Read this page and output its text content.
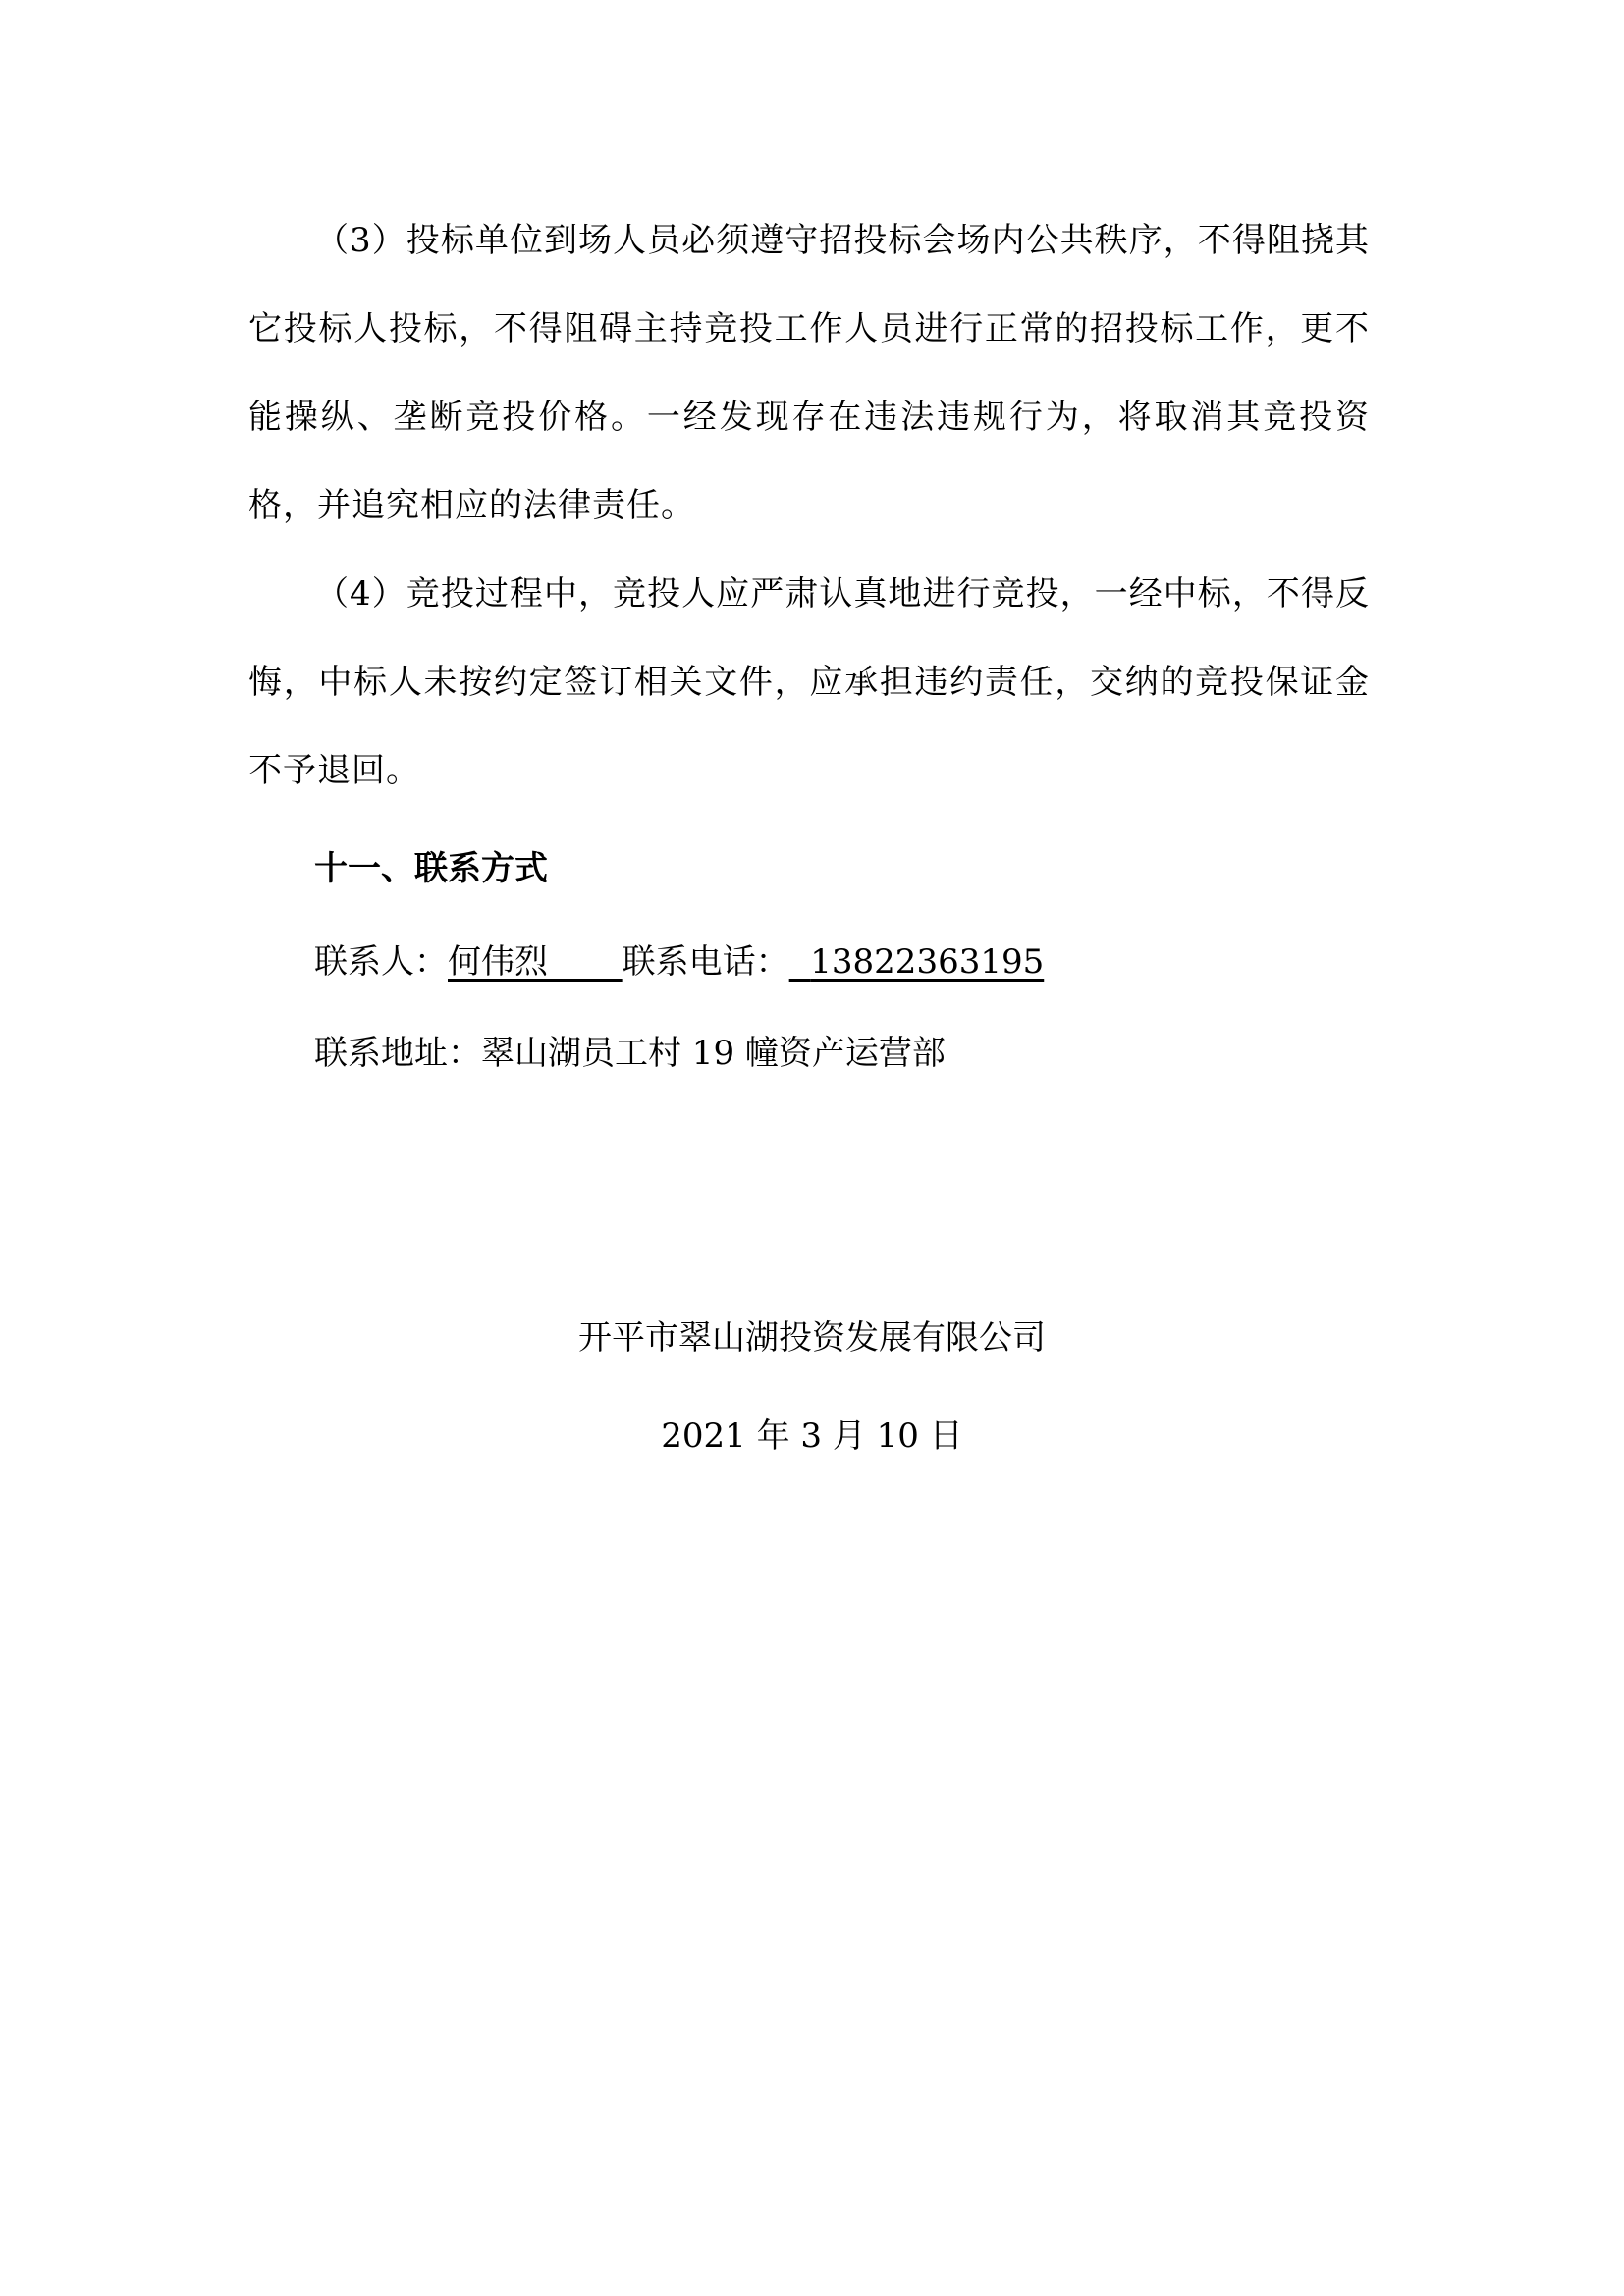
（3）投标单位到场人员必须遵守招投标会场内公共秩序，不得阻挠其它投标人投标，不得阻碍主持竞投工作人员进行正常的招投标工作，更不能操纵、垄断竞投价格。一经发现存在违法违规行为，将取消其竞投资格，并追究相应的法律责任。

（4）竞投过程中，竞投人应严肃认真地进行竞投，一经中标，不得反悔，中标人未按约定签订相关文件，应承担违约责任，交纳的竞投保证金不予退回。

十一、联系方式

联系人：何伟烈 联系电话： 13822363195

联系地址：翠山湖员工村 19 幢资产运营部

开平市翠山湖投资发展有限公司

2021 年 3 月 10 日
